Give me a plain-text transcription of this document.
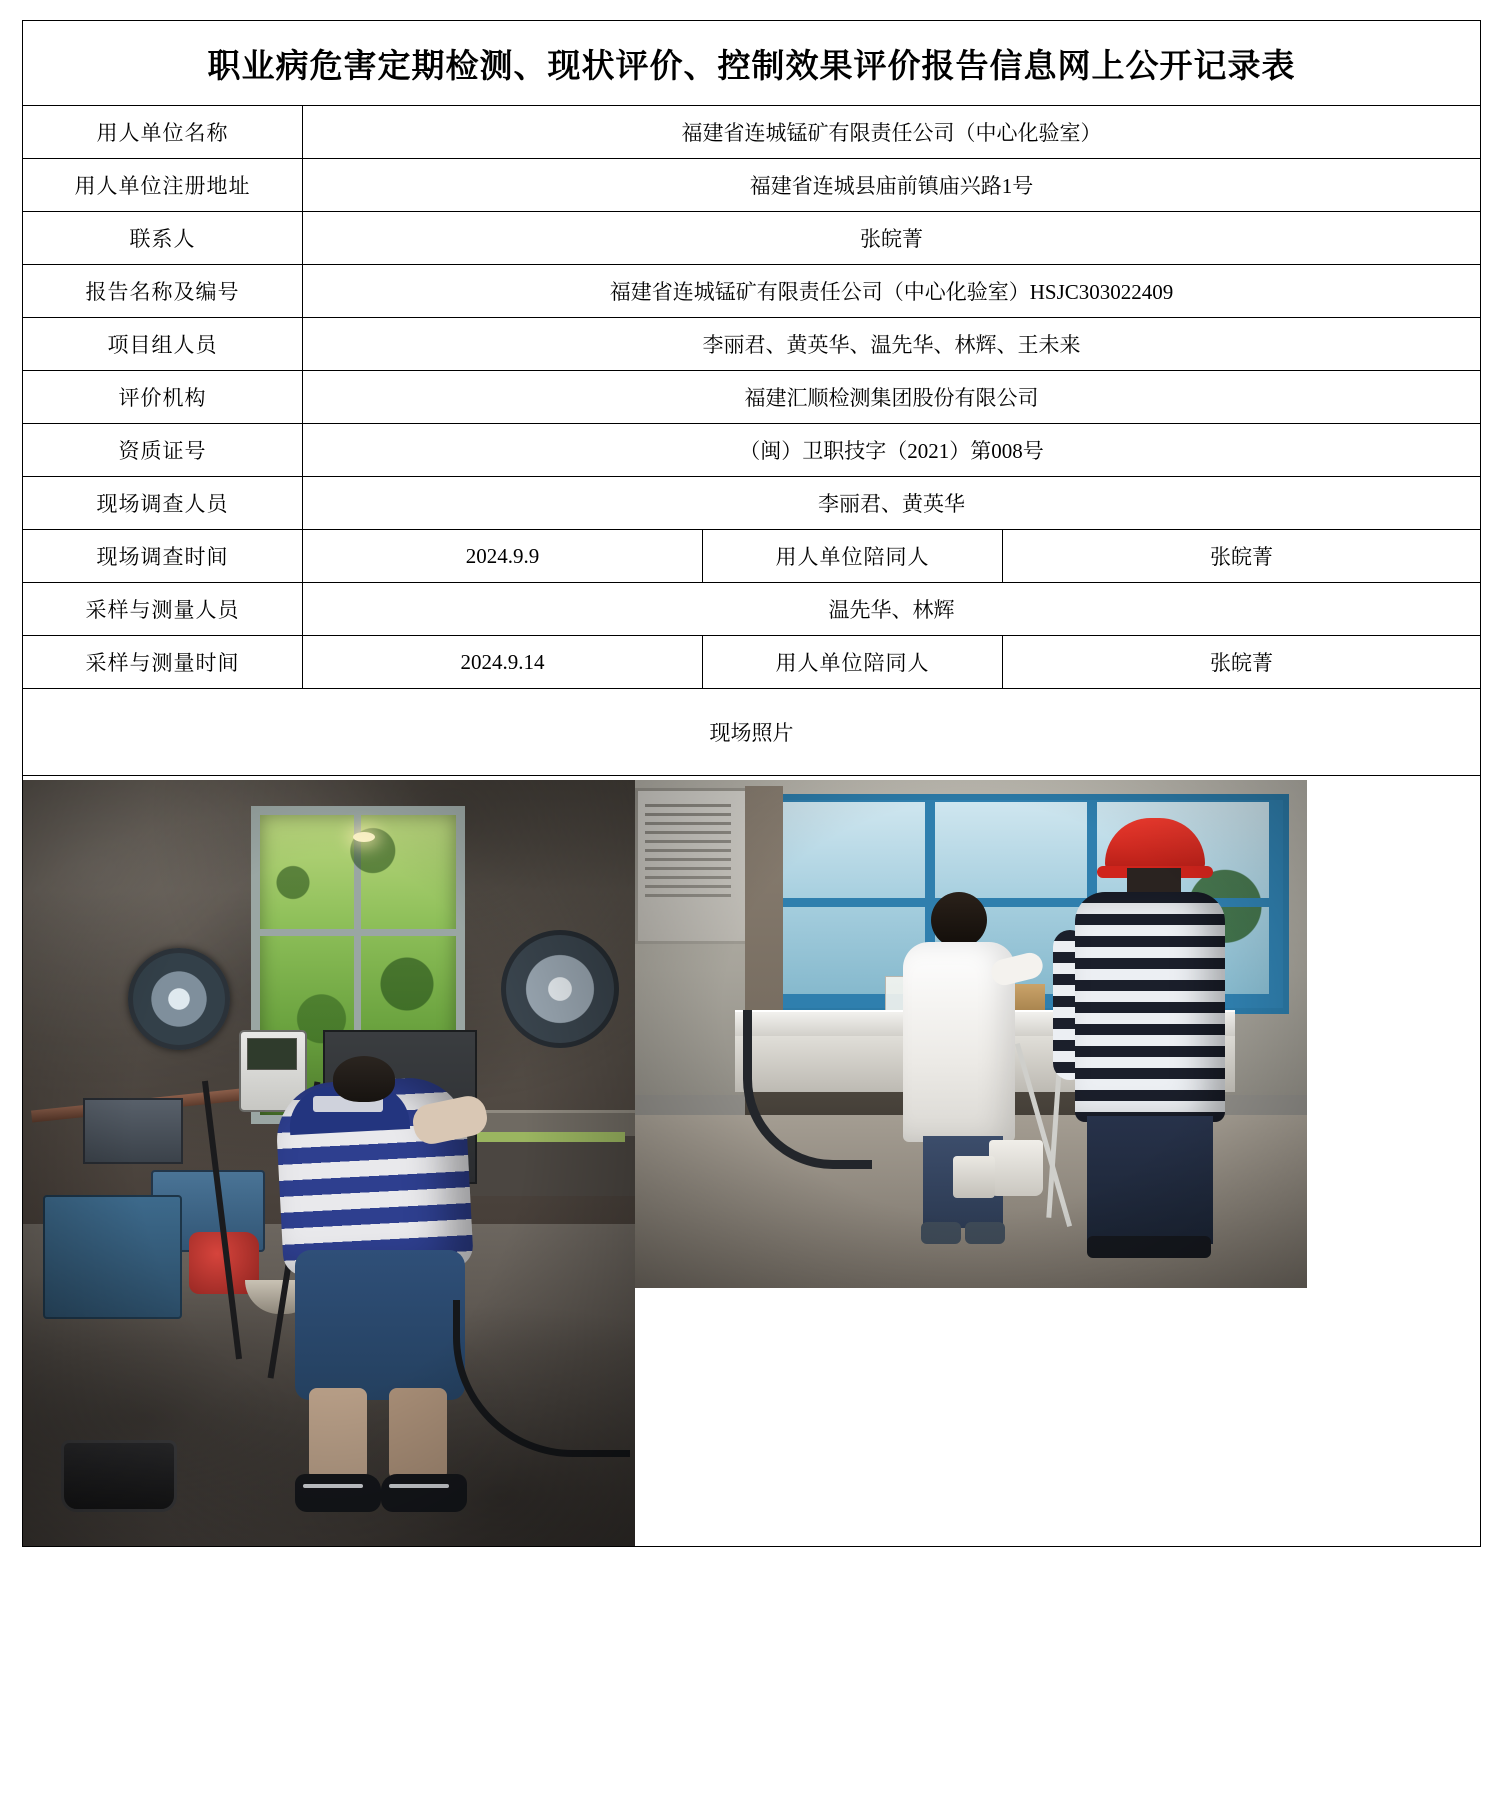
职业病危害定期检测、现状评价、控制效果评价报告信息网上公开记录表			
用人单位名称	福建省连城锰矿有限责任公司（中心化验室）		
用人单位注册地址	福建省连城县庙前镇庙兴路1号		
联系人	张皖菁		
报告名称及编号	福建省连城锰矿有限责任公司（中心化验室）HSJC303022409		
项目组人员	李丽君、黄英华、温先华、林辉、王未来		
评价机构	福建汇顺检测集团股份有限公司		
资质证号	（闽）卫职技字（2021）第008号		
现场调查人员	李丽君、黄英华		
现场调查时间	2024.9.9	用人单位陪同人	张皖菁
采样与测量人员	温先华、林辉		
采样与测量时间	2024.9.14	用人单位陪同人	张皖菁
现场照片			
